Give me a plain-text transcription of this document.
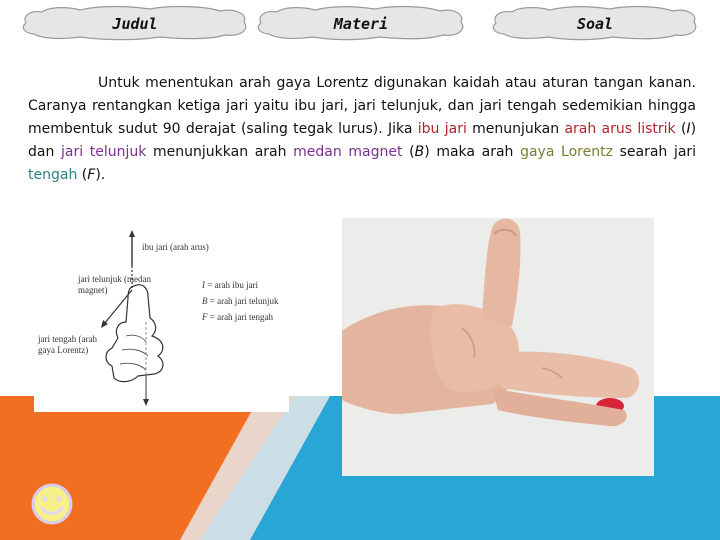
Judul	Materi	Soal

Untuk menentukan arah gaya Lorentz digunakan kaidah atau aturan tangan kanan. Caranya rentangkan ketiga jari yaitu ibu jari, jari telunjuk, dan jari tengah sedemikian hingga membentuk sudut 90 derajat (saling tegak lurus). Jika ibu jari menunjukan arah arus listrik (I) dan jari telunjuk menunjukkan arah medan magnet (B) maka arah gaya Lorentz searah jari tengah (F).

ibu jari (arah arus)
jari telunjuk (medan magnet)
jari tengah (arah gaya Lorentz)
I = arah ibu jari
B = arah jari telunjuk
F = arah jari tengah
